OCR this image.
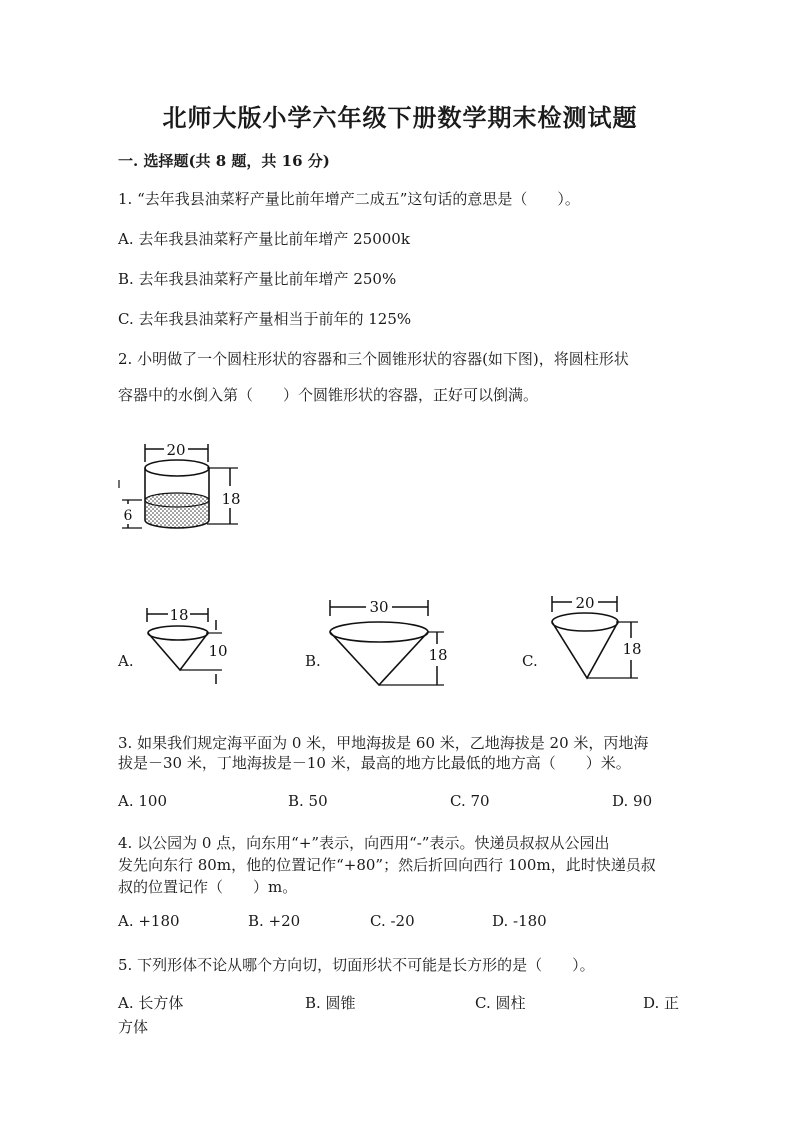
北师大版小学六年级下册数学期末检测试题
一. 选择题(共 8 题，共 16 分)
1. “去年我县油菜籽产量比前年增产二成五”这句话的意思是（　　）。
A. 去年我县油菜籽产量比前年增产 25000k
B. 去年我县油菜籽产量比前年增产 250%
C. 去年我县油菜籽产量相当于前年的 125%
2. 小明做了一个圆柱形状的容器和三个圆锥形状的容器(如下图)，将圆柱形状
容器中的水倒入第（　　）个圆锥形状的容器，正好可以倒满。
20
18
6
A.
18
10
B.
30
18	C.
20
18
3. 如果我们规定海平面为 0 米，甲地海拔是 60 米，乙地海拔是 20 米，丙地海
拔是－30 米，丁地海拔是－10 米，最高的地方比最低的地方高（　　）米。
A. 100	B. 50	C. 70	D. 90
4. 以公园为 0 点，向东用“+”表示，向西用“-”表示。快递员叔叔从公园出
发先向东行 80m，他的位置记作“+80”；然后折回向西行 100m，此时快递员叔
叔的位置记作（　　）m。
A. +180	B. +20	C. -20	D. -180
5. 下列形体不论从哪个方向切，切面形状不可能是长方形的是（　　）。
A. 长方体	B. 圆锥	C. 圆柱	D. 正
方体
